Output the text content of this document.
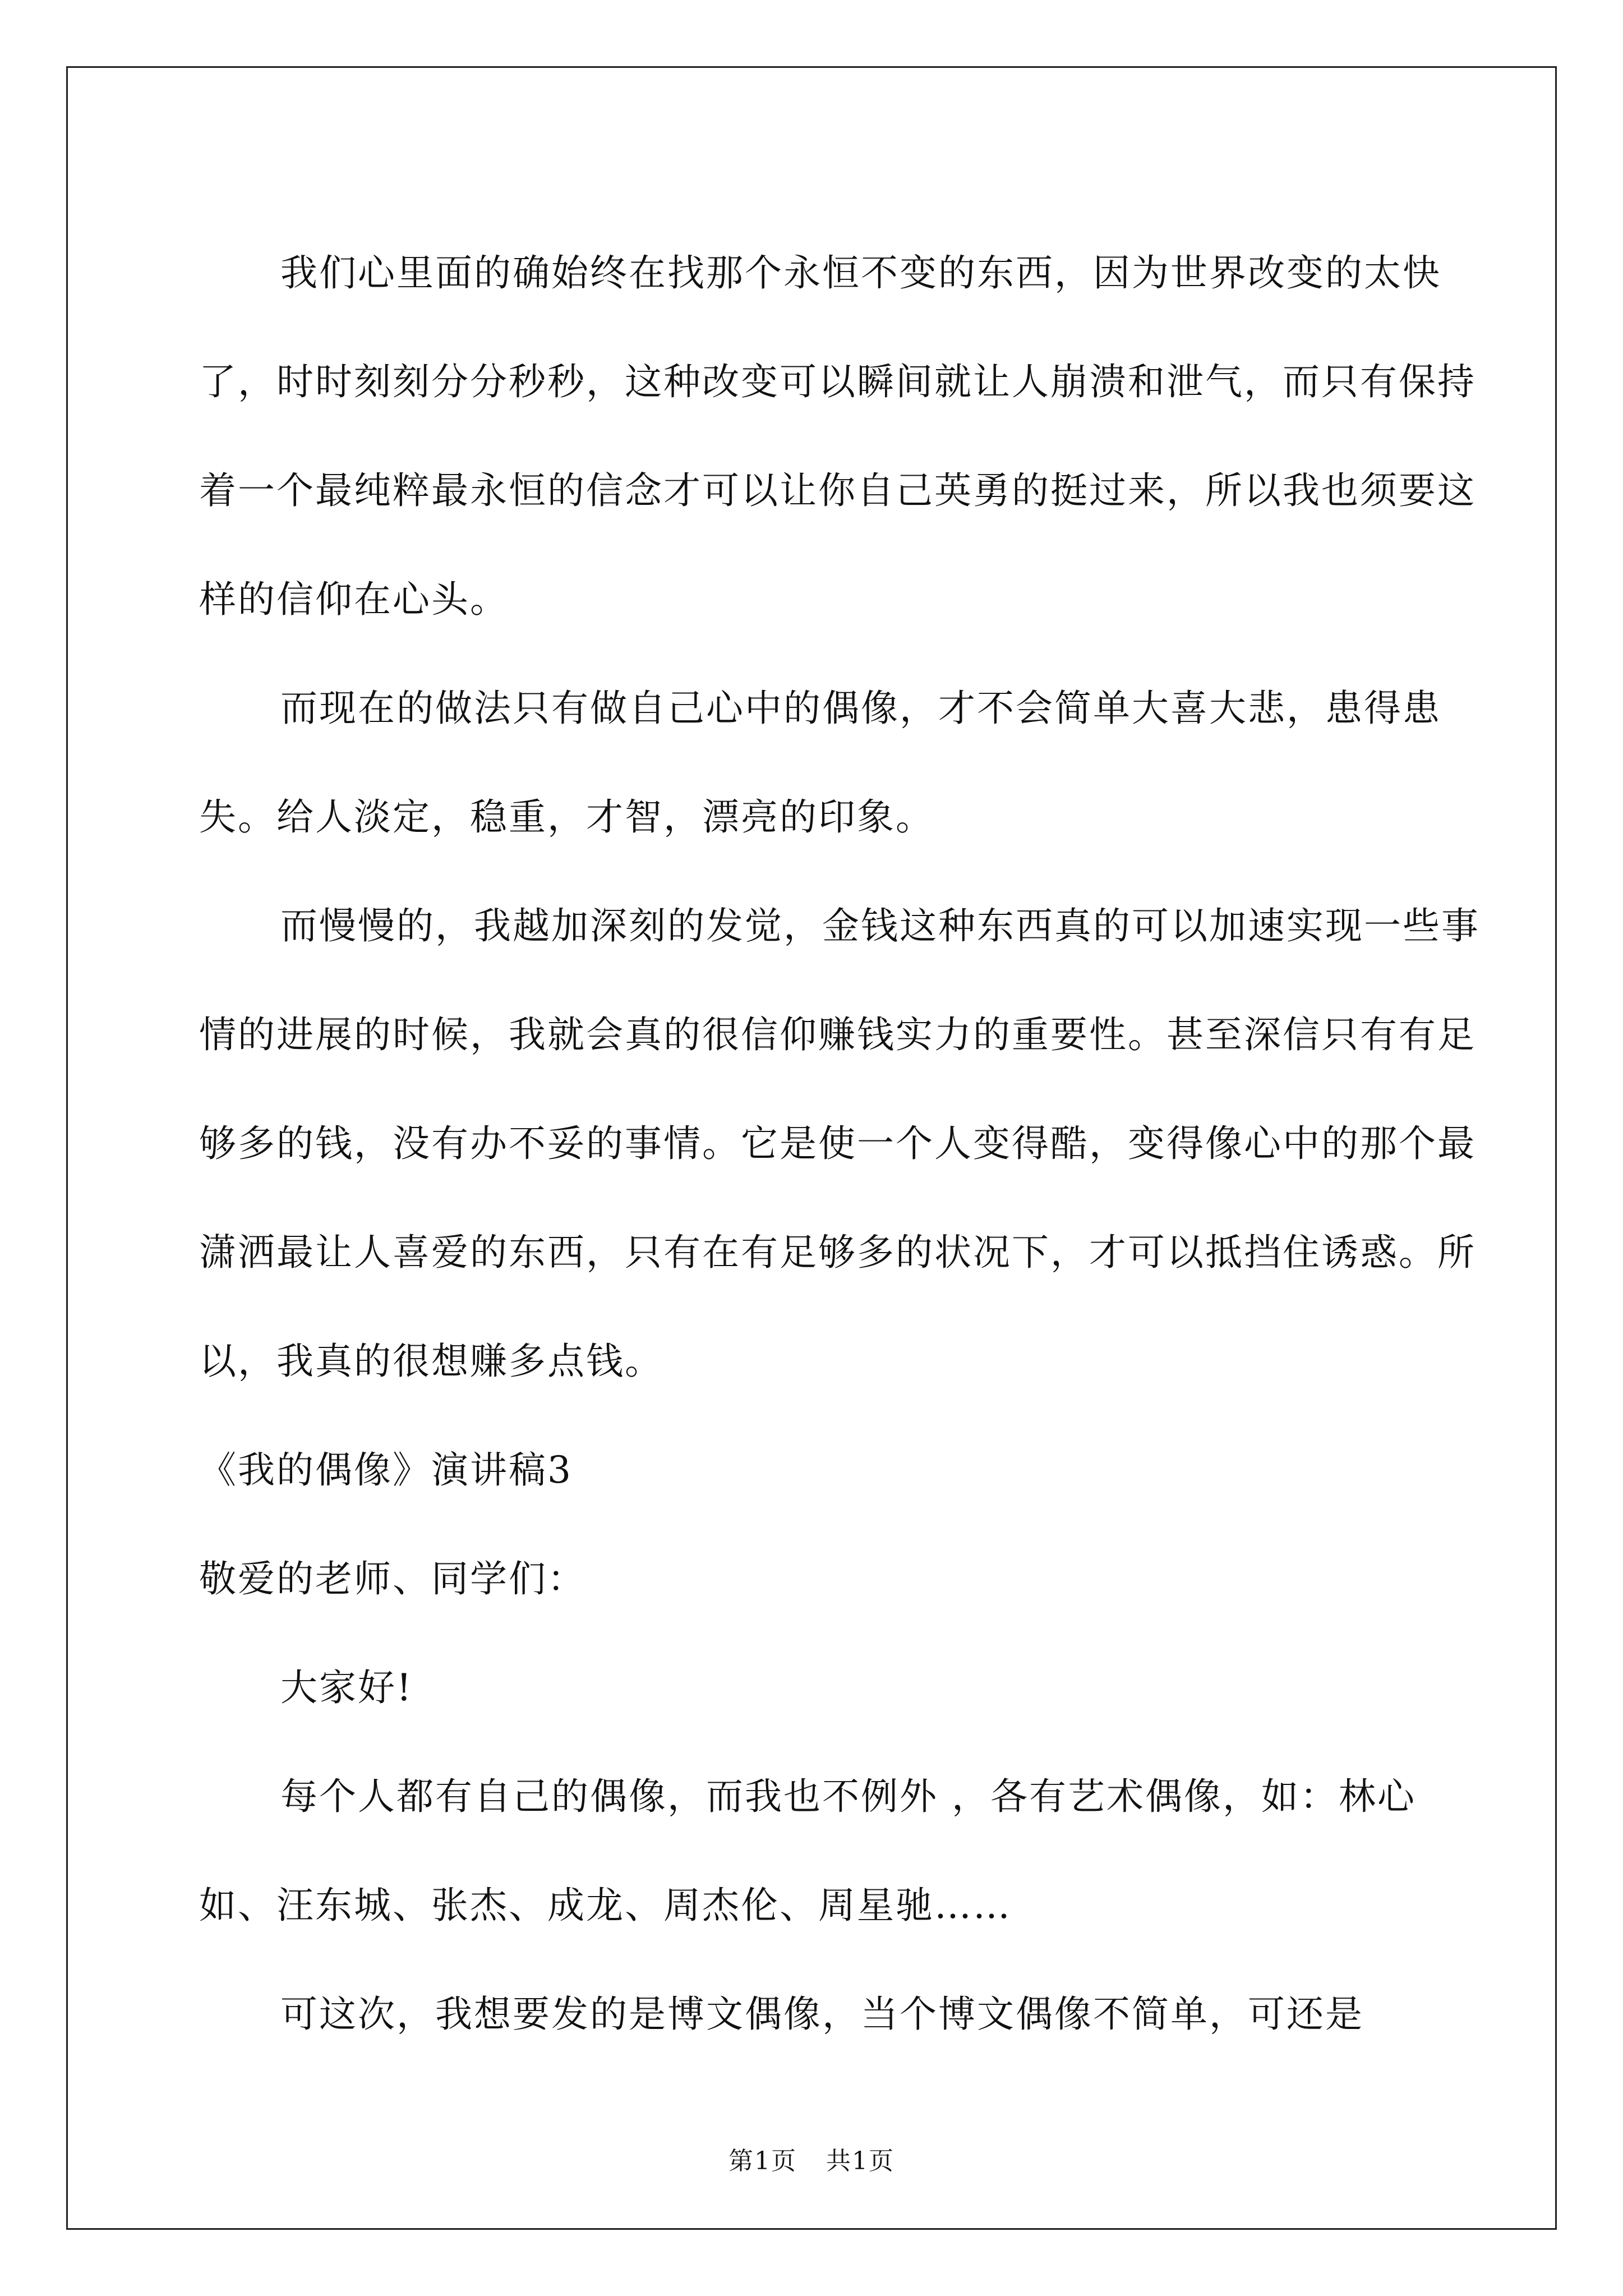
我们心里面的确始终在找那个永恒不变的东西，因为世界改变的太快了，时时刻刻分分秒秒，这种改变可以瞬间就让人崩溃和泄气，而只有保持着一个最纯粹最永恒的信念才可以让你自己英勇的挺过来，所以我也须要这样的信仰在心头。

而现在的做法只有做自己心中的偶像，才不会简单大喜大悲，患得患失。给人淡定，稳重，才智，漂亮的印象。

而慢慢的，我越加深刻的发觉，金钱这种东西真的可以加速实现一些事情的进展的时候，我就会真的很信仰赚钱实力的重要性。甚至深信只有有足够多的钱，没有办不妥的事情。它是使一个人变得酷，变得像心中的那个最潇洒最让人喜爱的东西，只有在有足够多的状况下，才可以抵挡住诱惑。所以，我真的很想赚多点钱。

《我的偶像》演讲稿3

敬爱的老师、同学们：

大家好!

每个人都有自己的偶像，而我也不例外 ，各有艺术偶像，如：林心如、汪东城、张杰、成龙、周杰伦、周星驰……

可这次，我想要发的是博文偶像，当个博文偶像不简单，可还是

第1页 共1页
